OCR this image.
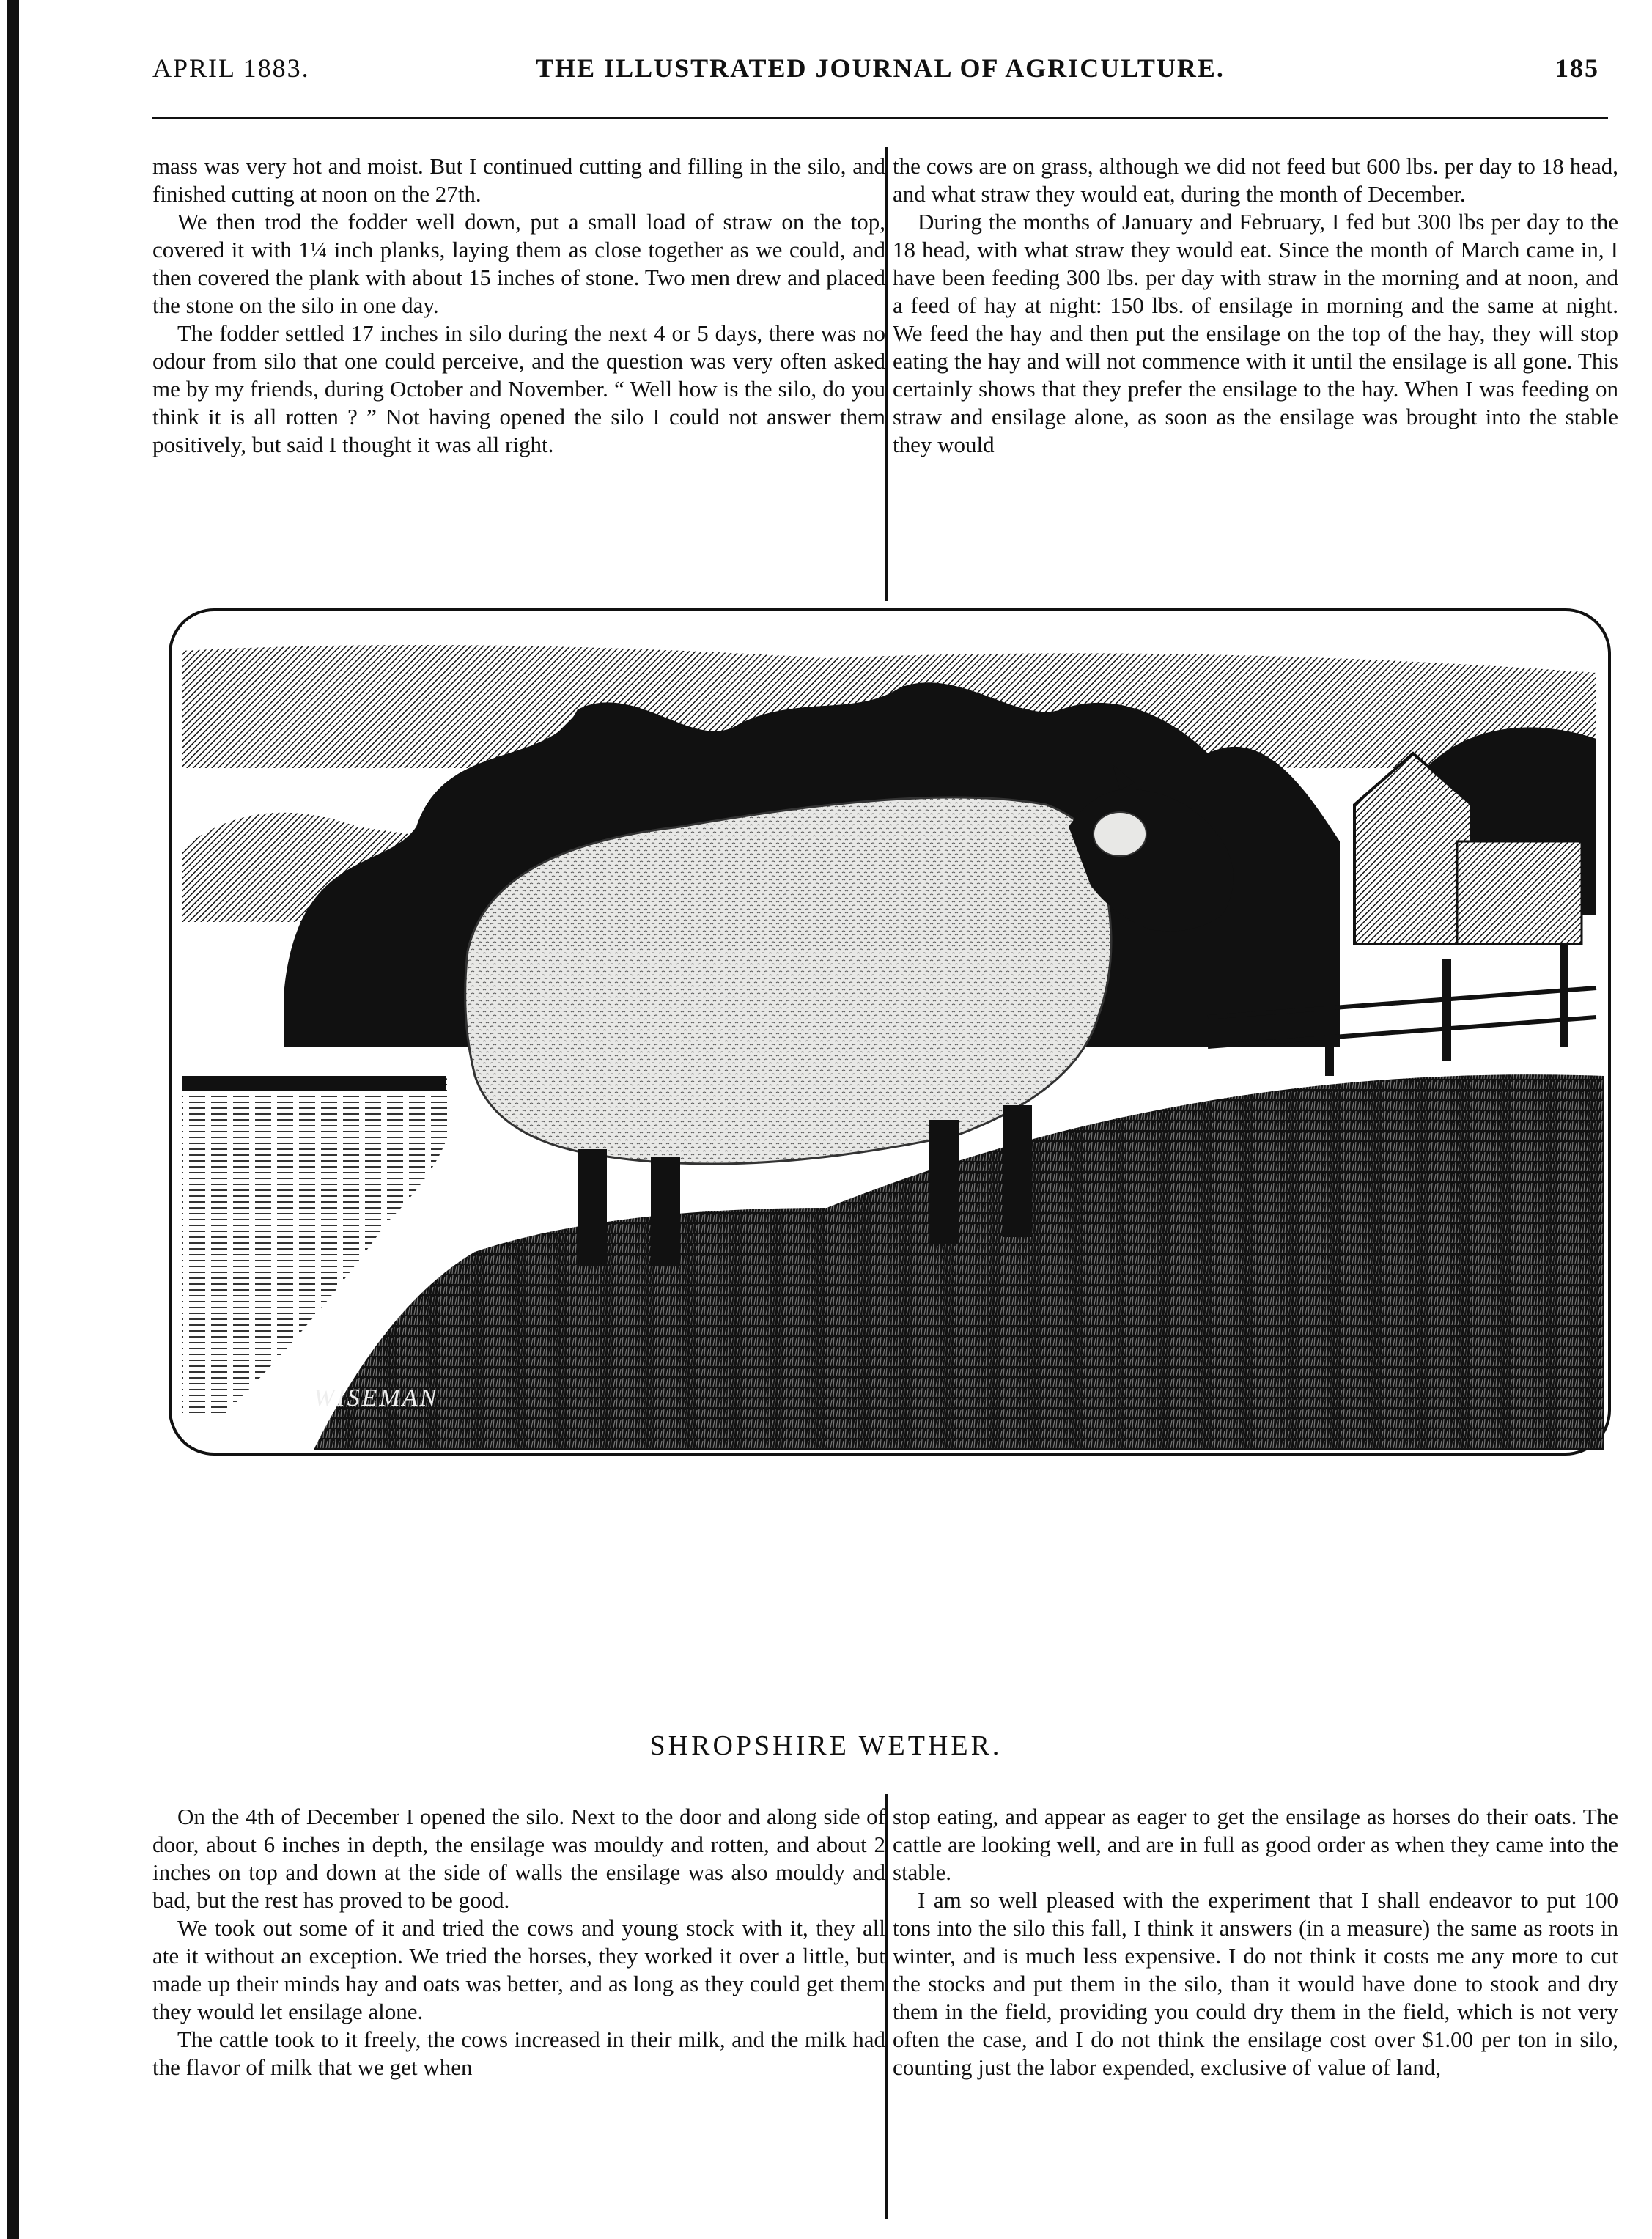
APRIL 1883.	THE ILLUSTRATED JOURNAL OF AGRICULTURE.	185

mass was very hot and moist. But I continued cutting and filling in the silo, and finished cutting at noon on the 27th.

We then trod the fodder well down, put a small load of straw on the top, covered it with 1¼ inch planks, laying them as close together as we could, and then covered the plank with about 15 inches of stone. Two men drew and placed the stone on the silo in one day.

The fodder settled 17 inches in silo during the next 4 or 5 days, there was no odour from silo that one could perceive, and the question was very often asked me by my friends, during October and November. “ Well how is the silo, do you think it is all rotten ? ” Not having opened the silo I could not answer them positively, but said I thought it was all right.

the cows are on grass, although we did not feed but 600 lbs. per day to 18 head, and what straw they would eat, during the month of December.

During the months of January and February, I fed but 300 lbs per day to the 18 head, with what straw they would eat. Since the month of March came in, I have been feeding 300 lbs. per day with straw in the morning and at noon, and a feed of hay at night: 150 lbs. of ensilage in morning and the same at night. We feed the hay and then put the ensilage on the top of the hay, they will stop eating the hay and will not commence with it until the ensilage is all gone. This certainly shows that they prefer the ensilage to the hay. When I was feeding on straw and ensilage alone, as soon as the ensilage was brought into the stable they would

WISEMAN
SHROPSHIRE WETHER.

On the 4th of December I opened the silo. Next to the door and along side of door, about 6 inches in depth, the ensilage was mouldy and rotten, and about 2 inches on top and down at the side of walls the ensilage was also mouldy and bad, but the rest has proved to be good.

We took out some of it and tried the cows and young stock with it, they all ate it without an exception. We tried the horses, they worked it over a little, but made up their minds hay and oats was better, and as long as they could get them they would let ensilage alone.

The cattle took to it freely, the cows increased in their milk, and the milk had the flavor of milk that we get when

stop eating, and appear as eager to get the ensilage as horses do their oats. The cattle are looking well, and are in full as good order as when they came into the stable.

I am so well pleased with the experiment that I shall endeavor to put 100 tons into the silo this fall, I think it answers (in a measure) the same as roots in winter, and is much less expensive. I do not think it costs me any more to cut the stocks and put them in the silo, than it would have done to stook and dry them in the field, providing you could dry them in the field, which is not very often the case, and I do not think the ensilage cost over $1.00 per ton in silo, counting just the labor expended, exclusive of value of land,
